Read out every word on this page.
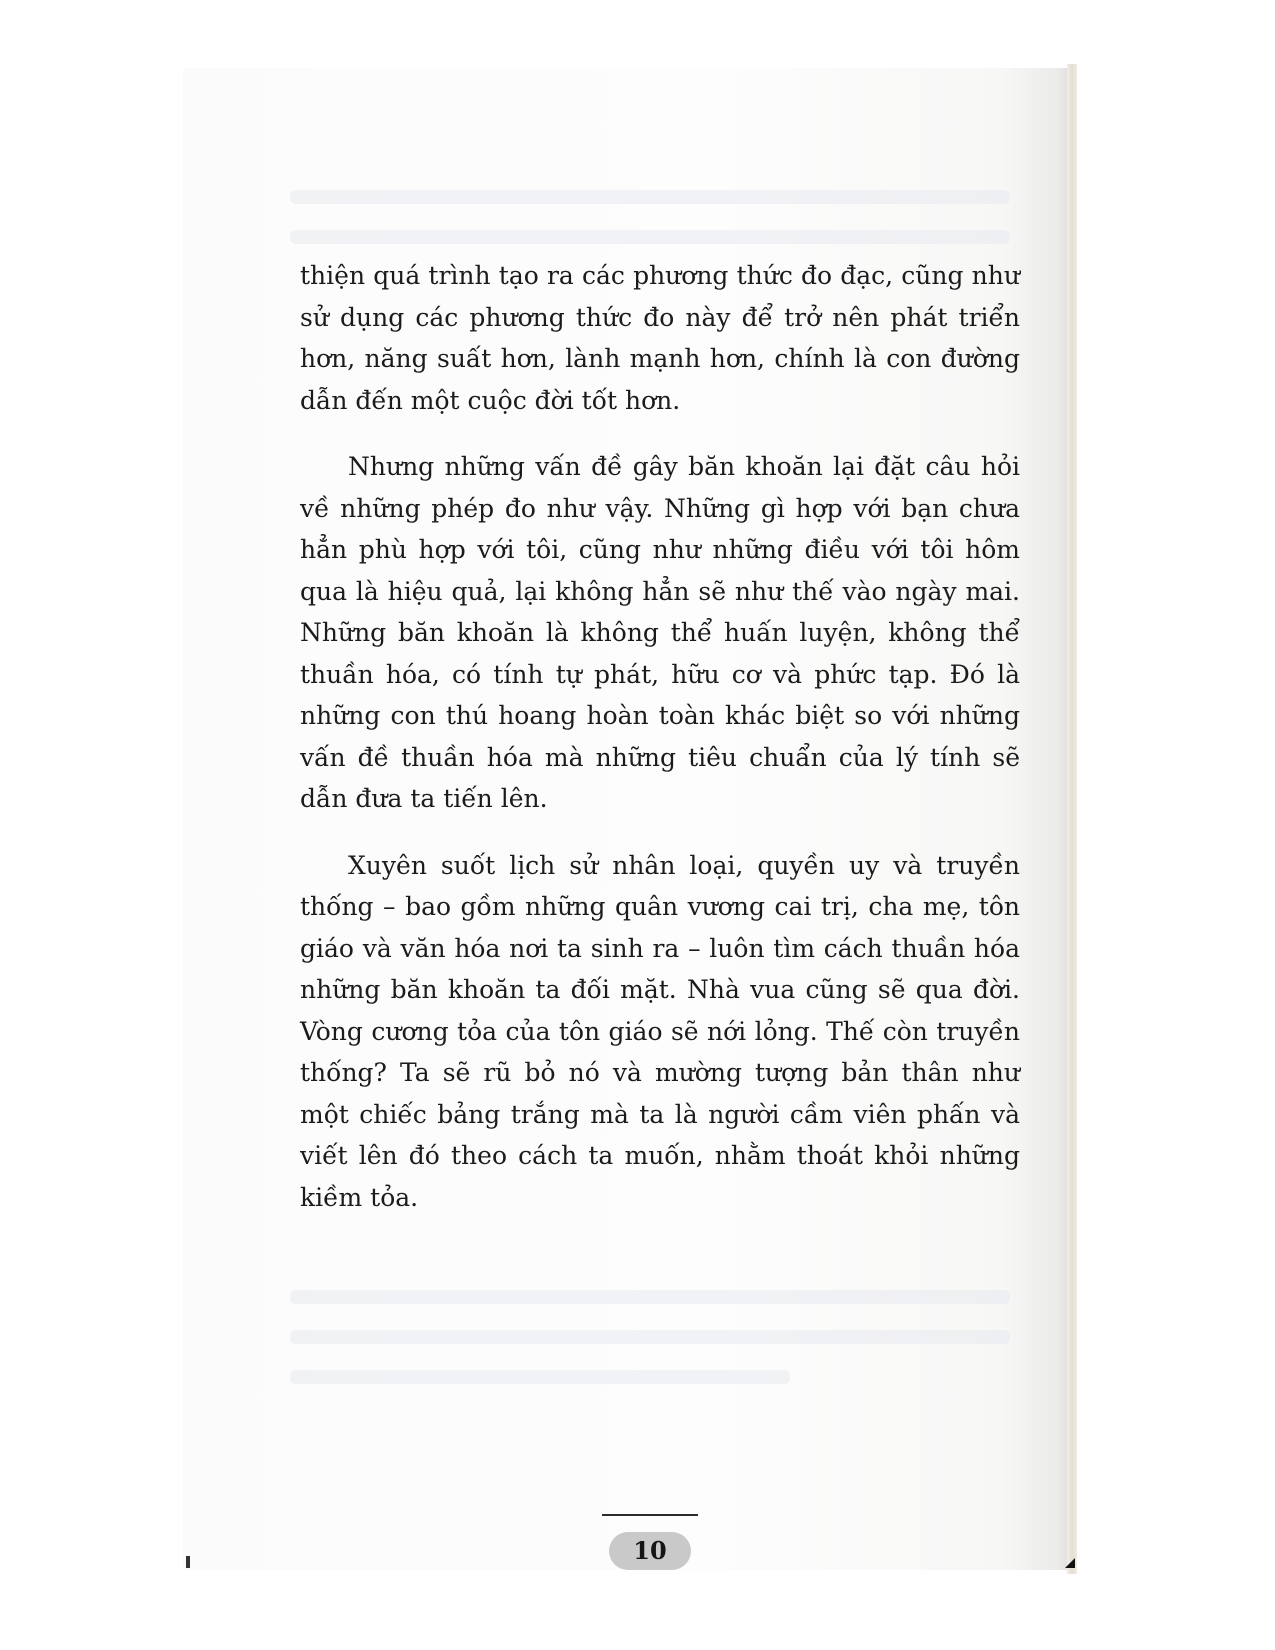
thiện quá trình tạo ra các phương thức đo đạc, cũng như sử dụng các phương thức đo này để trở nên phát triển hơn, năng suất hơn, lành mạnh hơn, chính là con đường dẫn đến một cuộc đời tốt hơn.

Nhưng những vấn đề gây băn khoăn lại đặt câu hỏi về những phép đo như vậy. Những gì hợp với bạn chưa hẳn phù hợp với tôi, cũng như những điều với tôi hôm qua là hiệu quả, lại không hẳn sẽ như thế vào ngày mai. Những băn khoăn là không thể huấn luyện, không thể thuần hóa, có tính tự phát, hữu cơ và phức tạp. Đó là những con thú hoang hoàn toàn khác biệt so với những vấn đề thuần hóa mà những tiêu chuẩn của lý tính sẽ dẫn đưa ta tiến lên.

Xuyên suốt lịch sử nhân loại, quyền uy và truyền thống – bao gồm những quân vương cai trị, cha mẹ, tôn giáo và văn hóa nơi ta sinh ra – luôn tìm cách thuần hóa những băn khoăn ta đối mặt. Nhà vua cũng sẽ qua đời. Vòng cương tỏa của tôn giáo sẽ nới lỏng. Thế còn truyền thống? Ta sẽ rũ bỏ nó và mường tượng bản thân như một chiếc bảng trắng mà ta là người cầm viên phấn và viết lên đó theo cách ta muốn, nhằm thoát khỏi những kiềm tỏa.

10
